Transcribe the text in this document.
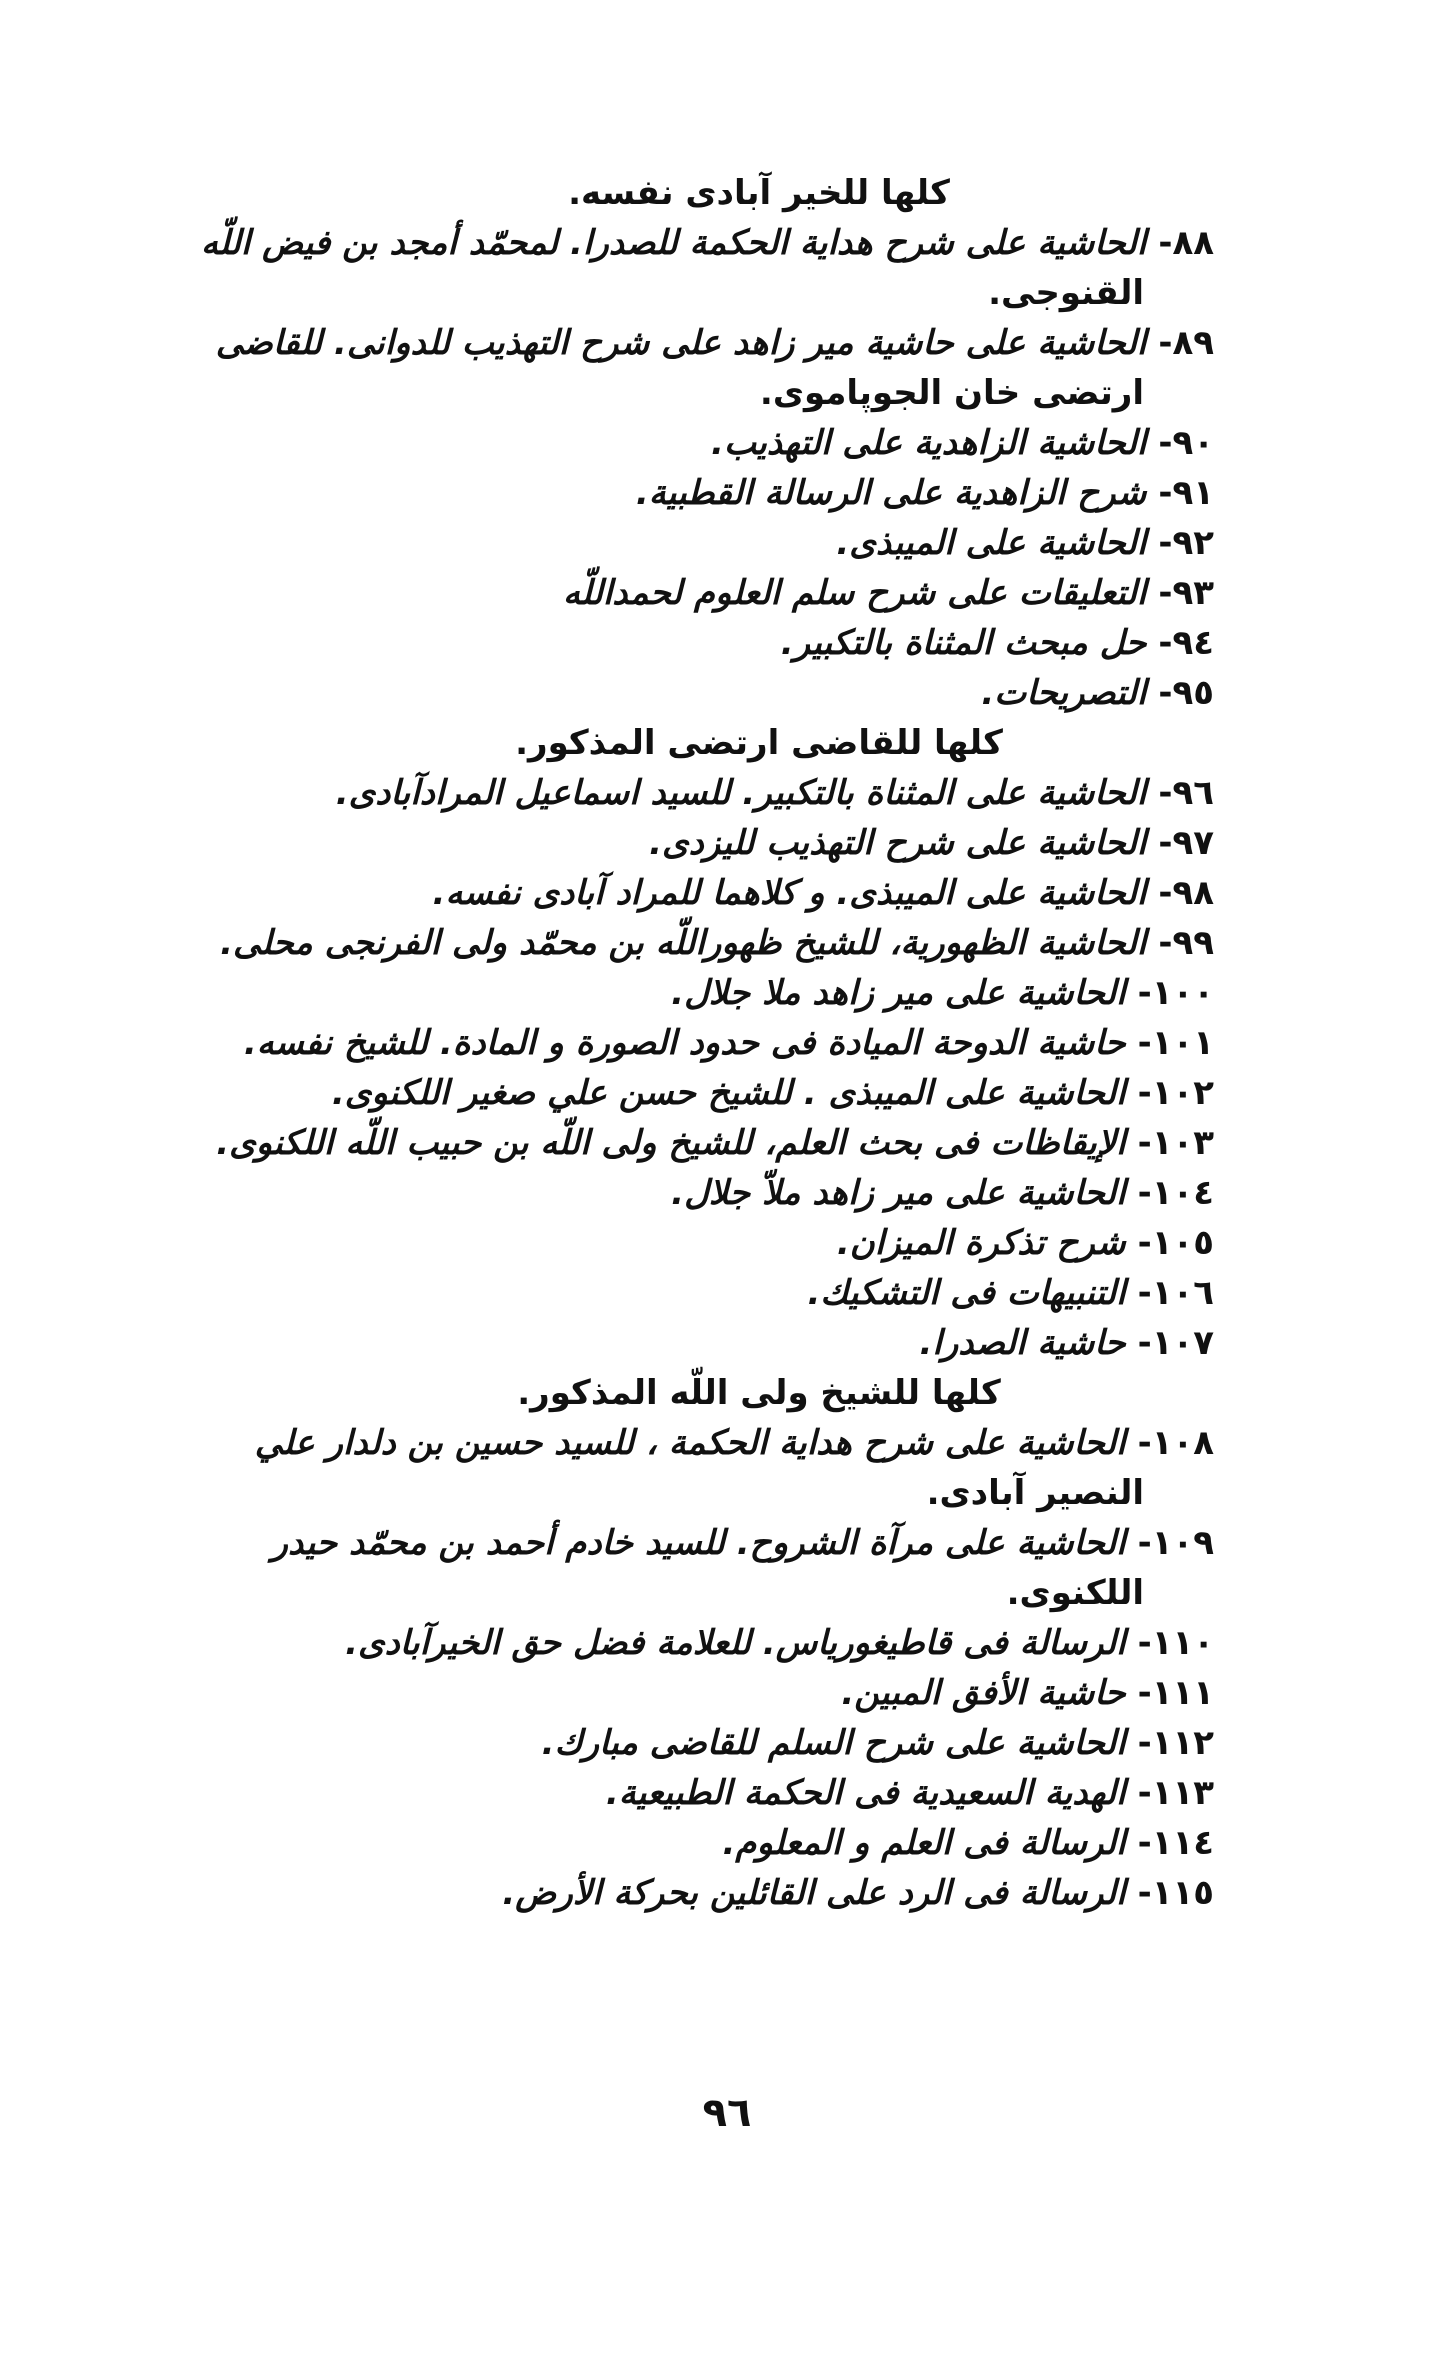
كلها للخير آبادى نفسه.
٨٨-الحاشية على شرح هداية الحكمة للصدرا. لمحمّد أمجد بن فيض اللّه
القنوجى.
٨٩-الحاشية على حاشية مير زاهد على شرح التهذيب للدوانى. للقاضى
ارتضى خان الجوپاموى.
٩٠-الحاشية الزاهدية على التهذيب.
٩١-شرح الزاهدية على الرسالة القطبية.
٩٢-الحاشية على الميبذى.
٩٣-التعليقات على شرح سلم العلوم لحمداللّه
٩٤-حل مبحث المثناة بالتكبير.
٩٥-التصريحات.
كلها للقاضى ارتضى المذكور.
٩٦-الحاشية على المثناة بالتكبير. للسيد اسماعيل المرادآبادى.
٩٧-الحاشية على شرح التهذيب لليزدى.
٩٨-الحاشية على الميبذى. و كلاهما للمراد آبادى نفسه.
٩٩-الحاشية الظهورية، للشيخ ظهوراللّه بن محمّد ولى الفرنجى محلى.
١٠٠-الحاشية على مير زاهد ملا جلال.
١٠١-حاشية الدوحة الميادة فى حدود الصورة و المادة. للشيخ نفسه.
١٠٢-الحاشية على الميبذى . للشيخ حسن علي صغير اللكنوى.
١٠٣-الإيقاظات فى بحث العلم، للشيخ ولى اللّه بن حبيب اللّه اللكنوى.
١٠٤-الحاشية على مير زاهد ملاّ جلال.
١٠٥-شرح تذكرة الميزان.
١٠٦-التنبيهات فى التشكيك.
١٠٧-حاشية الصدرا.
كلها للشيخ ولى اللّه المذكور.
١٠٨-الحاشية على شرح هداية الحكمة ، للسيد حسين بن دلدار علي
النصير آبادى.
١٠٩-الحاشية على مرآة الشروح. للسيد خادم أحمد بن محمّد حيدر
اللكنوى.
١١٠-الرسالة فى قاطيغورياس. للعلامة فضل حق الخيرآبادى.
١١١-حاشية الأفق المبين.
١١٢-الحاشية على شرح السلم للقاضى مبارك.
١١٣-الهدية السعيدية فى الحكمة الطبيعية.
١١٤-الرسالة فى العلم و المعلوم.
١١٥-الرسالة فى الرد على القائلين بحركة الأرض.
٩٦
